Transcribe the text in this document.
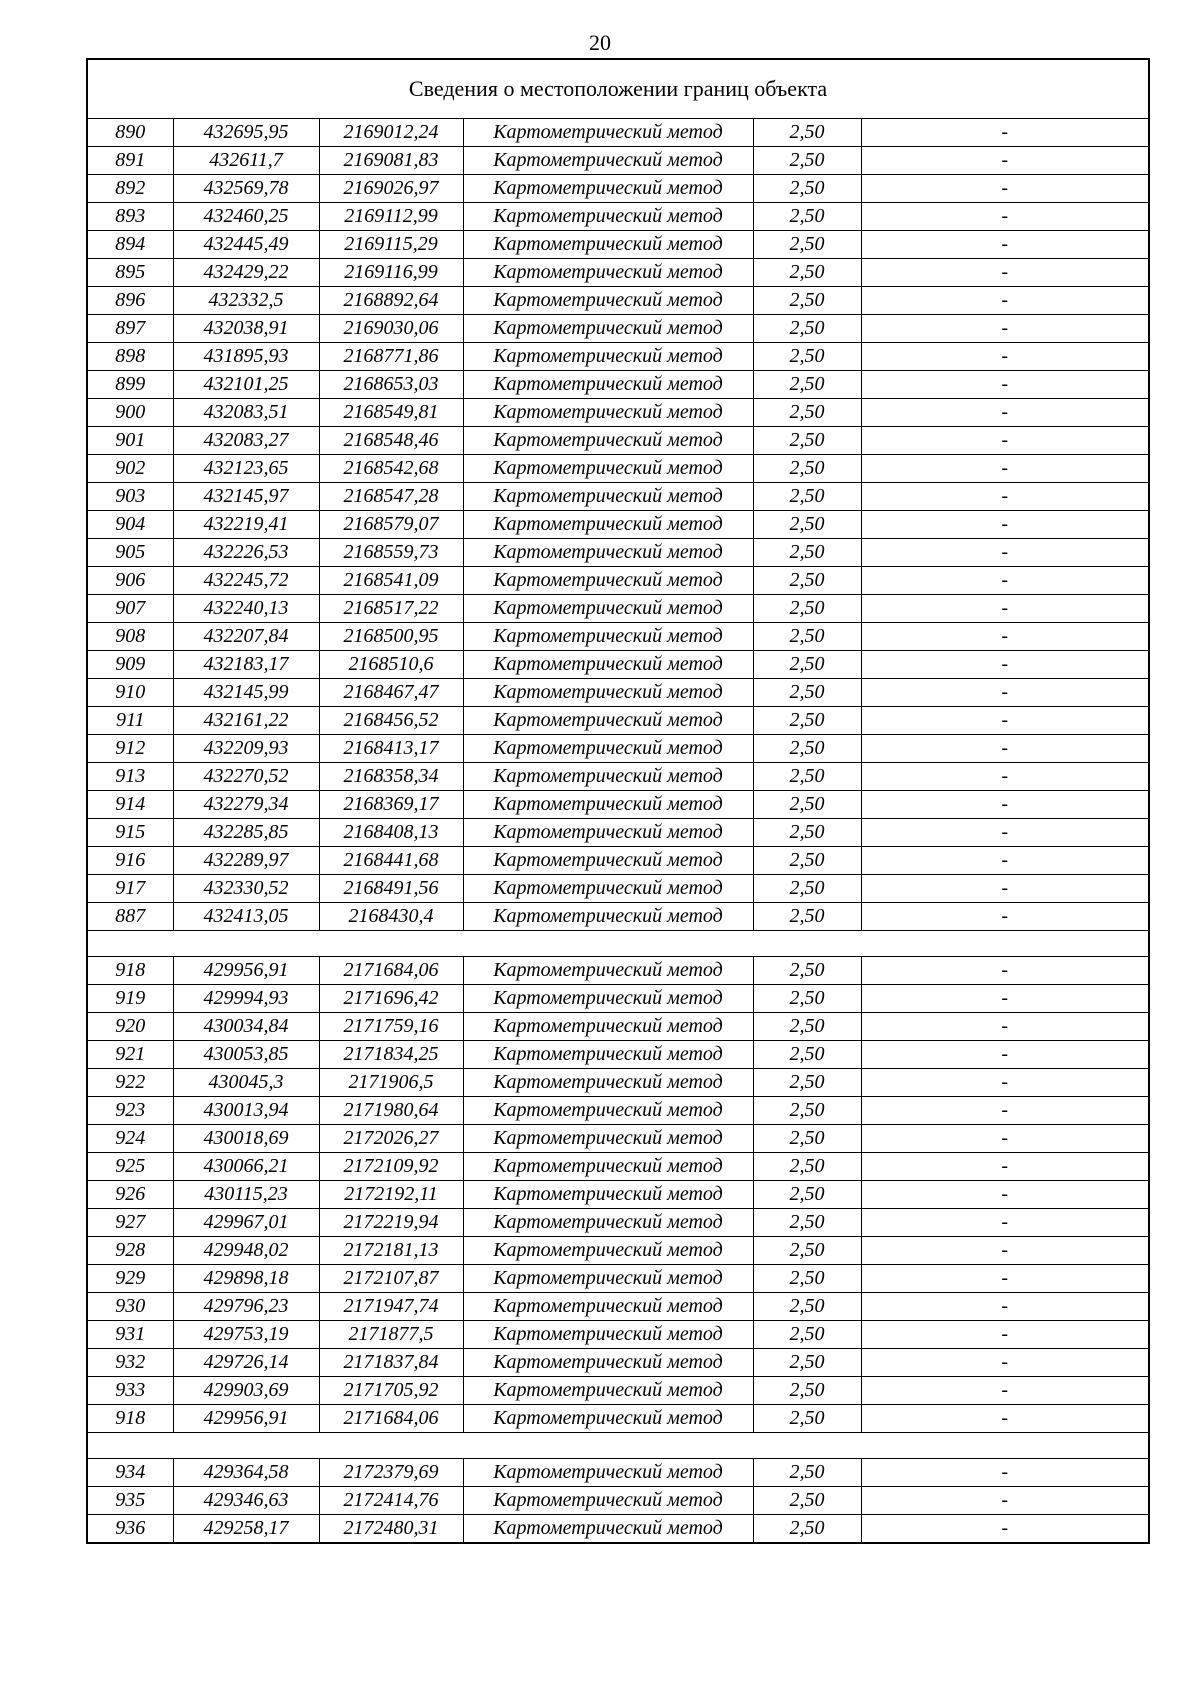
20
Сведения о местоположении границ объекта					
890	432695,95	2169012,24	Картометрический метод	2,50	-
891	432611,7	2169081,83	Картометрический метод	2,50	-
892	432569,78	2169026,97	Картометрический метод	2,50	-
893	432460,25	2169112,99	Картометрический метод	2,50	-
894	432445,49	2169115,29	Картометрический метод	2,50	-
895	432429,22	2169116,99	Картометрический метод	2,50	-
896	432332,5	2168892,64	Картометрический метод	2,50	-
897	432038,91	2169030,06	Картометрический метод	2,50	-
898	431895,93	2168771,86	Картометрический метод	2,50	-
899	432101,25	2168653,03	Картометрический метод	2,50	-
900	432083,51	2168549,81	Картометрический метод	2,50	-
901	432083,27	2168548,46	Картометрический метод	2,50	-
902	432123,65	2168542,68	Картометрический метод	2,50	-
903	432145,97	2168547,28	Картометрический метод	2,50	-
904	432219,41	2168579,07	Картометрический метод	2,50	-
905	432226,53	2168559,73	Картометрический метод	2,50	-
906	432245,72	2168541,09	Картометрический метод	2,50	-
907	432240,13	2168517,22	Картометрический метод	2,50	-
908	432207,84	2168500,95	Картометрический метод	2,50	-
909	432183,17	2168510,6	Картометрический метод	2,50	-
910	432145,99	2168467,47	Картометрический метод	2,50	-
911	432161,22	2168456,52	Картометрический метод	2,50	-
912	432209,93	2168413,17	Картометрический метод	2,50	-
913	432270,52	2168358,34	Картометрический метод	2,50	-
914	432279,34	2168369,17	Картометрический метод	2,50	-
915	432285,85	2168408,13	Картометрический метод	2,50	-
916	432289,97	2168441,68	Картометрический метод	2,50	-
917	432330,52	2168491,56	Картометрический метод	2,50	-
887	432413,05	2168430,4	Картометрический метод	2,50	-

918	429956,91	2171684,06	Картометрический метод	2,50	-
919	429994,93	2171696,42	Картометрический метод	2,50	-
920	430034,84	2171759,16	Картометрический метод	2,50	-
921	430053,85	2171834,25	Картометрический метод	2,50	-
922	430045,3	2171906,5	Картометрический метод	2,50	-
923	430013,94	2171980,64	Картометрический метод	2,50	-
924	430018,69	2172026,27	Картометрический метод	2,50	-
925	430066,21	2172109,92	Картометрический метод	2,50	-
926	430115,23	2172192,11	Картометрический метод	2,50	-
927	429967,01	2172219,94	Картометрический метод	2,50	-
928	429948,02	2172181,13	Картометрический метод	2,50	-
929	429898,18	2172107,87	Картометрический метод	2,50	-
930	429796,23	2171947,74	Картометрический метод	2,50	-
931	429753,19	2171877,5	Картометрический метод	2,50	-
932	429726,14	2171837,84	Картометрический метод	2,50	-
933	429903,69	2171705,92	Картометрический метод	2,50	-
918	429956,91	2171684,06	Картометрический метод	2,50	-

934	429364,58	2172379,69	Картометрический метод	2,50	-
935	429346,63	2172414,76	Картометрический метод	2,50	-
936	429258,17	2172480,31	Картометрический метод	2,50	-
